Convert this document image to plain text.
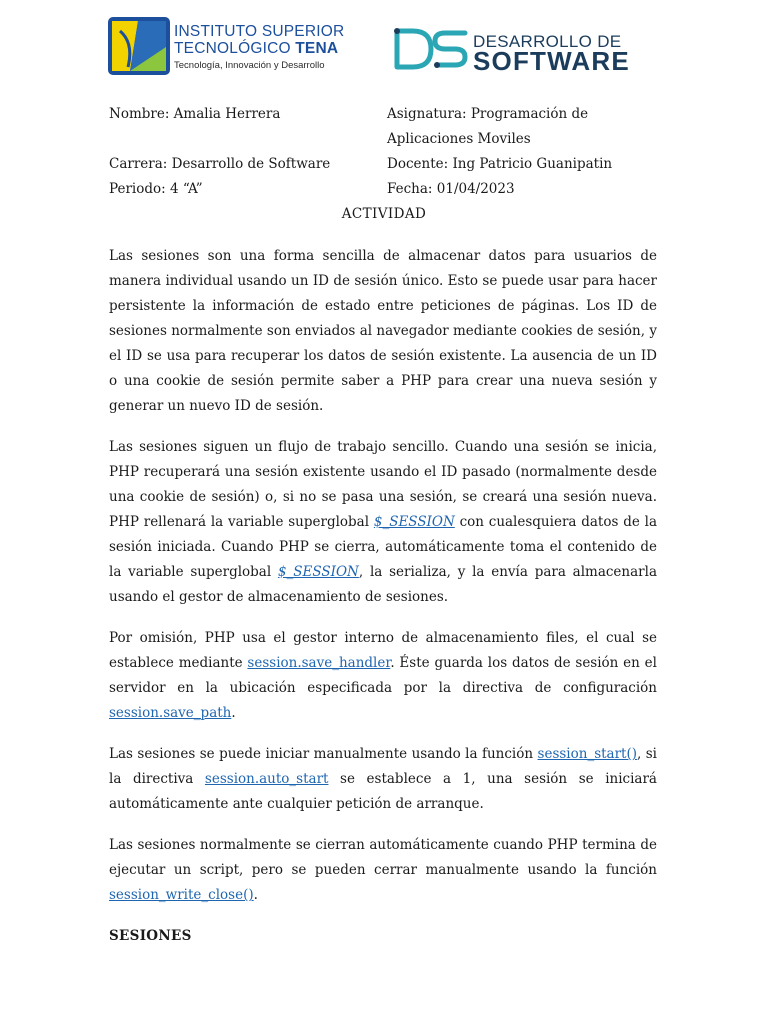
INSTITUTO SUPERIOR
TECNOLÓGICO TENA
Tecnología, Innovación y Desarrollo
DESARROLLO DE
SOFTWARE
Nombre: Amalia Herrera	Asignatura: Programación de
Aplicaciones Moviles
Carrera: Desarrollo de Software	Docente: Ing Patricio Guanipatin
Periodo: 4 “A”	Fecha: 01/04/2023
ACTIVIDAD

Las sesiones son una forma sencilla de almacenar datos para usuarios de manera individual usando un ID de sesión único. Esto se puede usar para hacer persistente la información de estado entre peticiones de páginas. Los ID de sesiones normalmente son enviados al navegador mediante cookies de sesión, y el ID se usa para recuperar los datos de sesión existente. La ausencia de un ID o una cookie de sesión permite saber a PHP para crear una nueva sesión y generar un nuevo ID de sesión.

Las sesiones siguen un flujo de trabajo sencillo. Cuando una sesión se inicia, PHP recuperará una sesión existente usando el ID pasado (normalmente desde una cookie de sesión) o, si no se pasa una sesión, se creará una sesión nueva. PHP rellenará la variable superglobal $_SESSION con cualesquiera datos de la sesión iniciada. Cuando PHP se cierra, automáticamente toma el contenido de la variable superglobal $_SESSION, la serializa, y la envía para almacenarla usando el gestor de almacenamiento de sesiones.

Por omisión, PHP usa el gestor interno de almacenamiento files, el cual se establece mediante session.save_handler. Éste guarda los datos de sesión en el servidor en la ubicación especificada por la directiva de configuración session.save_path.

Las sesiones se puede iniciar manualmente usando la función session_start(), si la directiva session.auto_start se establece a 1, una sesión se iniciará automáticamente ante cualquier petición de arranque.

Las sesiones normalmente se cierran automáticamente cuando PHP termina de ejecutar un script, pero se pueden cerrar manualmente usando la función session_write_close().

SESIONES
